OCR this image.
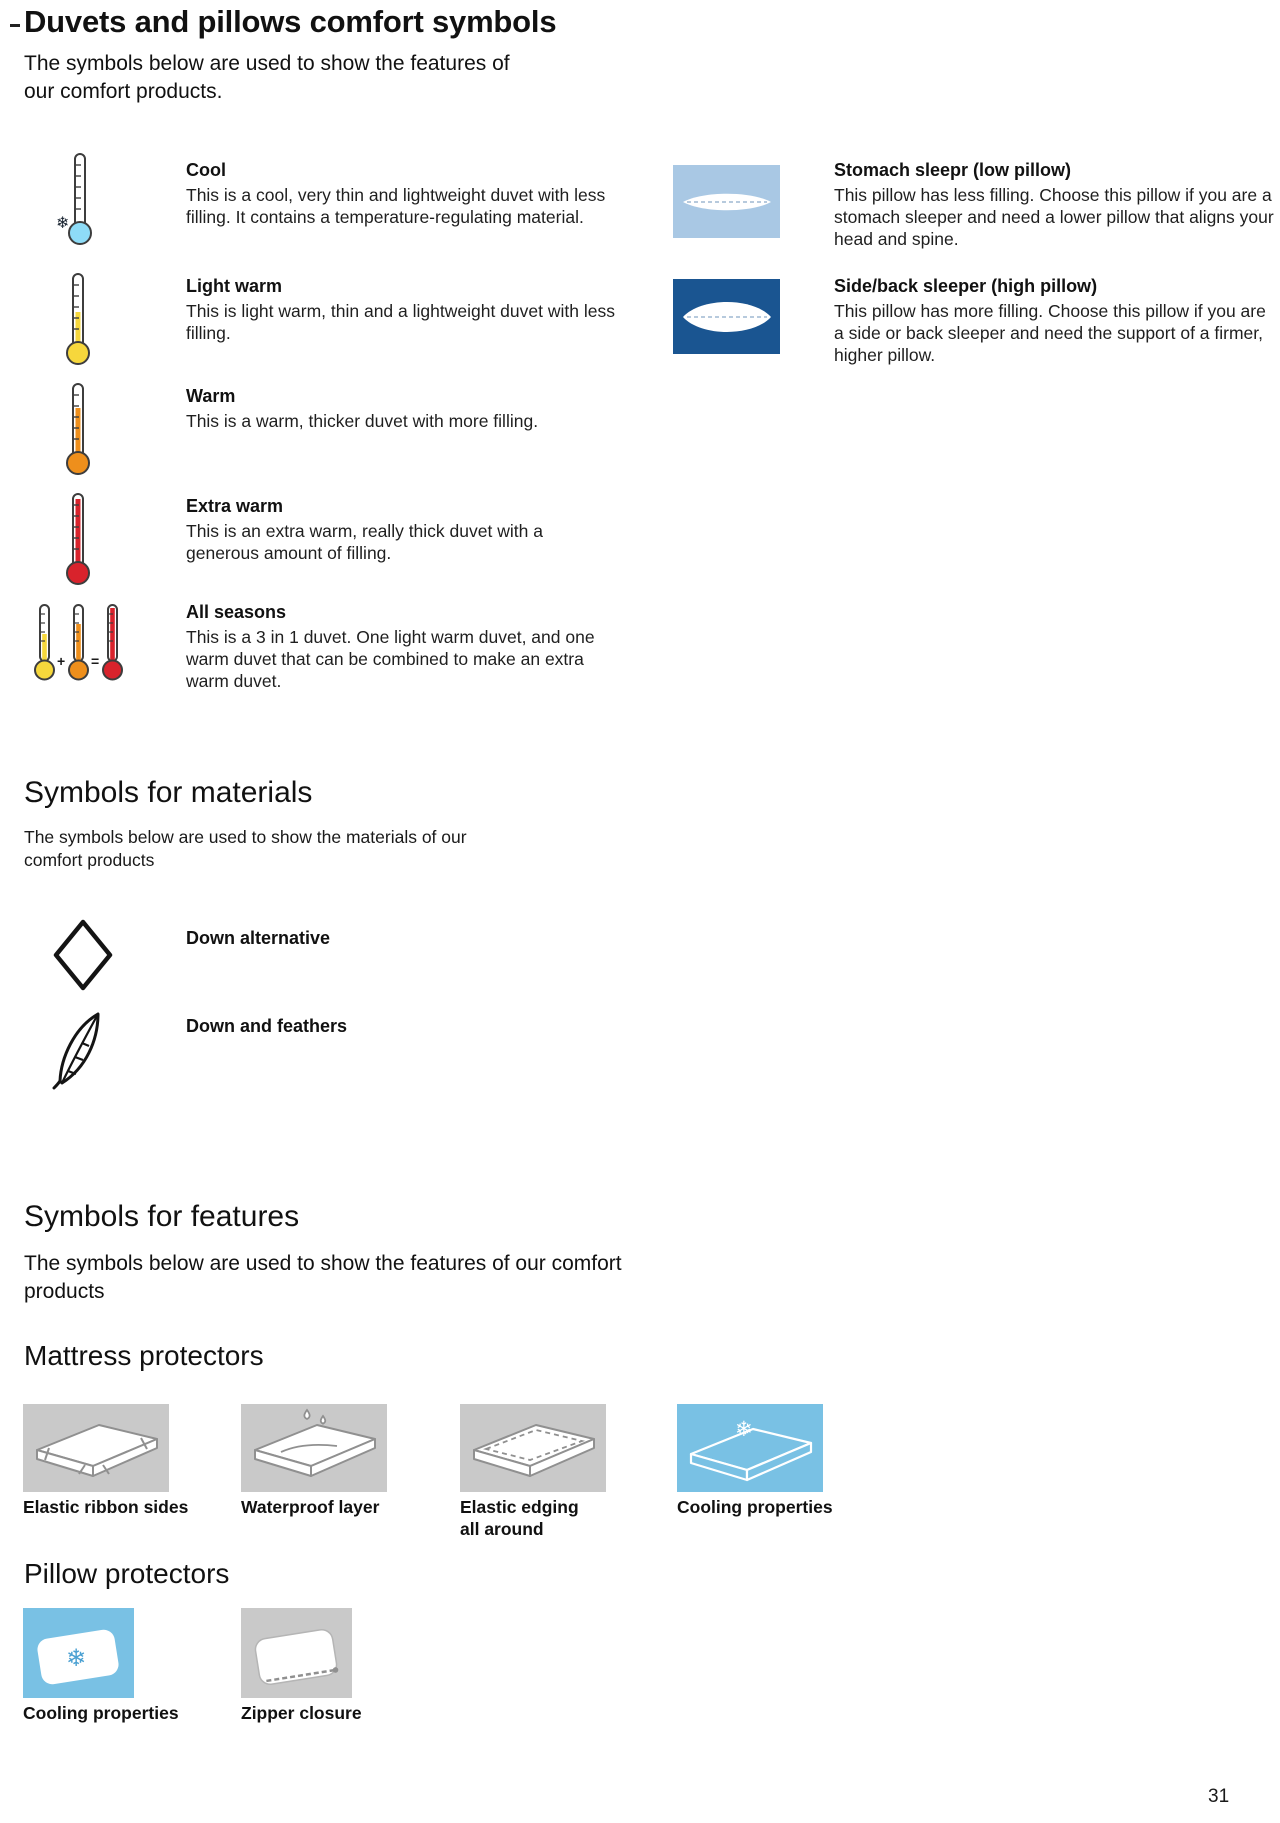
Duvets and pillows comfort symbols

The symbols below are used to show the features of our comfort products.

❄
Cool
This is a cool, very thin and lightweight duvet with less filling. It contains a temperature-regulating material.
Light warm
This is light warm, thin and a lightweight duvet with less filling.
Warm
This is a warm, thicker duvet with more filling.
Extra warm
This is an extra warm, really thick duvet with a generous amount of filling.
+ =
All seasons
This is a 3 in 1 duvet. One light warm duvet, and one warm duvet that can be combined to make an extra warm duvet.
Stomach sleepr (low pillow)
This pillow has less filling. Choose this pillow if you are a stomach sleeper and need a lower pillow that aligns your head and spine.
Side/back sleeper (high pillow)
This pillow has more filling. Choose this pillow if you are a side or back sleeper and need the support of a firmer, higher pillow.
Symbols for materials

The symbols below are used to show the materials of our comfort products

Down alternative
Down and feathers
Symbols for features

The symbols below are used to show the features of our comfort products

Mattress protectors
Elastic ribbon sides	Waterproof layer	Elastic edging all around
❄
Cooling properties
Pillow protectors
❄
Cooling properties	Zipper closure
31
